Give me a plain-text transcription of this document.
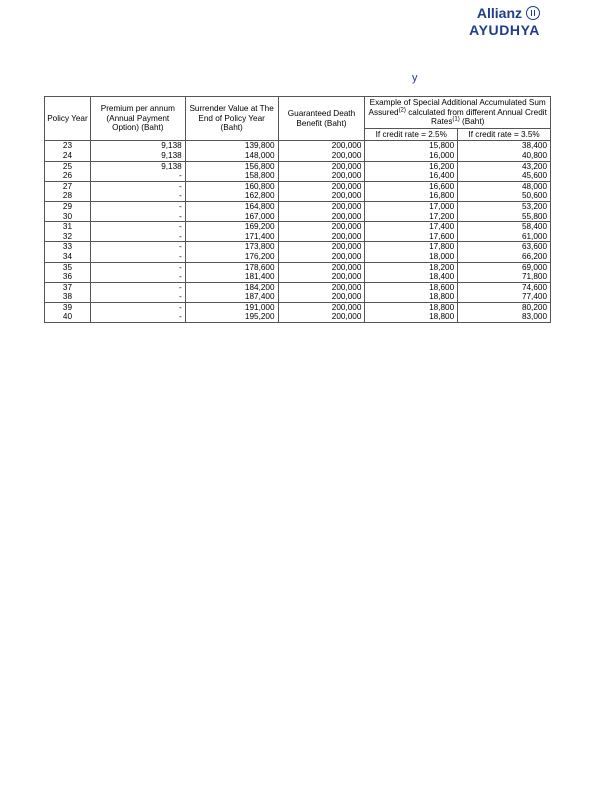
Allianz
AYUDHYA
y
Policy Year	Premium per annum (Annual Payment Option) (Baht)	Surrender Value at The End of Policy Year (Baht)	Guaranteed Death Benefit (Baht)	Example of Special Additional Accumulated Sum Assured$^{(2)}$ calculated from different Annual Credit Rates$^{(1)}$ (Baht)	
				If credit rate = 2.5%	If credit rate = 3.5%
23	9,138	139,800	200,000	15,800	38,400
24	9,138	148,000	200,000	16,000	40,800
25	9,138	156,800	200,000	16,200	43,200
26	-	158,800	200,000	16,400	45,600
27	-	160,800	200,000	16,600	48,000
28	-	162,800	200,000	16,800	50,600
29	-	164,800	200,000	17,000	53,200
30	-	167,000	200,000	17,200	55,800
31	-	169,200	200,000	17,400	58,400
32	-	171,400	200,000	17,600	61,000
33	-	173,800	200,000	17,800	63,600
34	-	176,200	200,000	18,000	66,200
35	-	178,600	200,000	18,200	69,000
36	-	181,400	200,000	18,400	71,800
37	-	184,200	200,000	18,600	74,600
38	-	187,400	200,000	18,800	77,400
39	-	191,000	200,000	18,800	80,200
40	-	195,200	200,000	18,800	83,000
